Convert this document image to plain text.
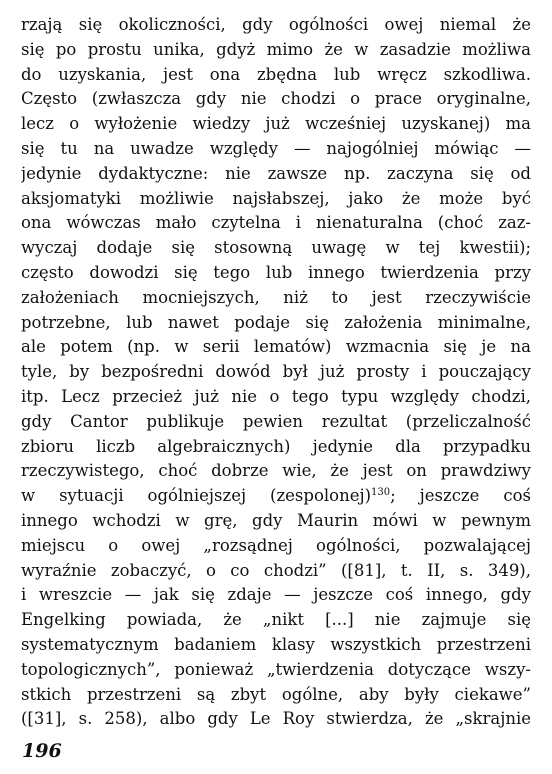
rzają się okoliczności, gdy ogólności owej niemal że
się po prostu unika, gdyż mimo że w zasadzie możliwa
do uzyskania, jest ona zbędna lub wręcz szkodliwa.
Często (zwłaszcza gdy nie chodzi o prace oryginalne,
lecz o wyłożenie wiedzy już wcześniej uzyskanej) ma
się tu na uwadze względy — najogólniej mówiąc —
jedynie dydaktyczne: nie zawsze np. zaczyna się od
aksjomatyki możliwie najsłabszej, jako że może być
ona wówczas mało czytelna i nienaturalna (choć zaz-
wyczaj dodaje się stosowną uwagę w tej kwestii);
często dowodzi się tego lub innego twierdzenia przy
założeniach mocniejszych, niż to jest rzeczywiście
potrzebne, lub nawet podaje się założenia minimalne,
ale potem (np. w serii lematów) wzmacnia się je na
tyle, by bezpośredni dowód był już prosty i pouczający
itp. Lecz przecież już nie o tego typu względy chodzi,
gdy Cantor publikuje pewien rezultat (przeliczalność
zbioru liczb algebraicznych) jedynie dla przypadku
rzeczywistego, choć dobrze wie, że jest on prawdziwy
w sytuacji ogólniejszej (zespolonej)$^{130}$; jeszcze coś
innego wchodzi w grę, gdy Maurin mówi w pewnym
miejscu o owej „rozsądnej ogólności, pozwalającej
wyraźnie zobaczyć, o co chodzi” ([81], t. II, s. 349),
i wreszcie — jak się zdaje — jeszcze coś innego, gdy
Engelking powiada, że „nikt [...] nie zajmuje się
systematycznym badaniem klasy wszystkich przestrzeni
topologicznych”, ponieważ „twierdzenia dotyczące wszy-
stkich przestrzeni są zbyt ogólne, aby były ciekawe”
([31], s. 258), albo gdy Le Roy stwierdza, że „skrajnie
196
